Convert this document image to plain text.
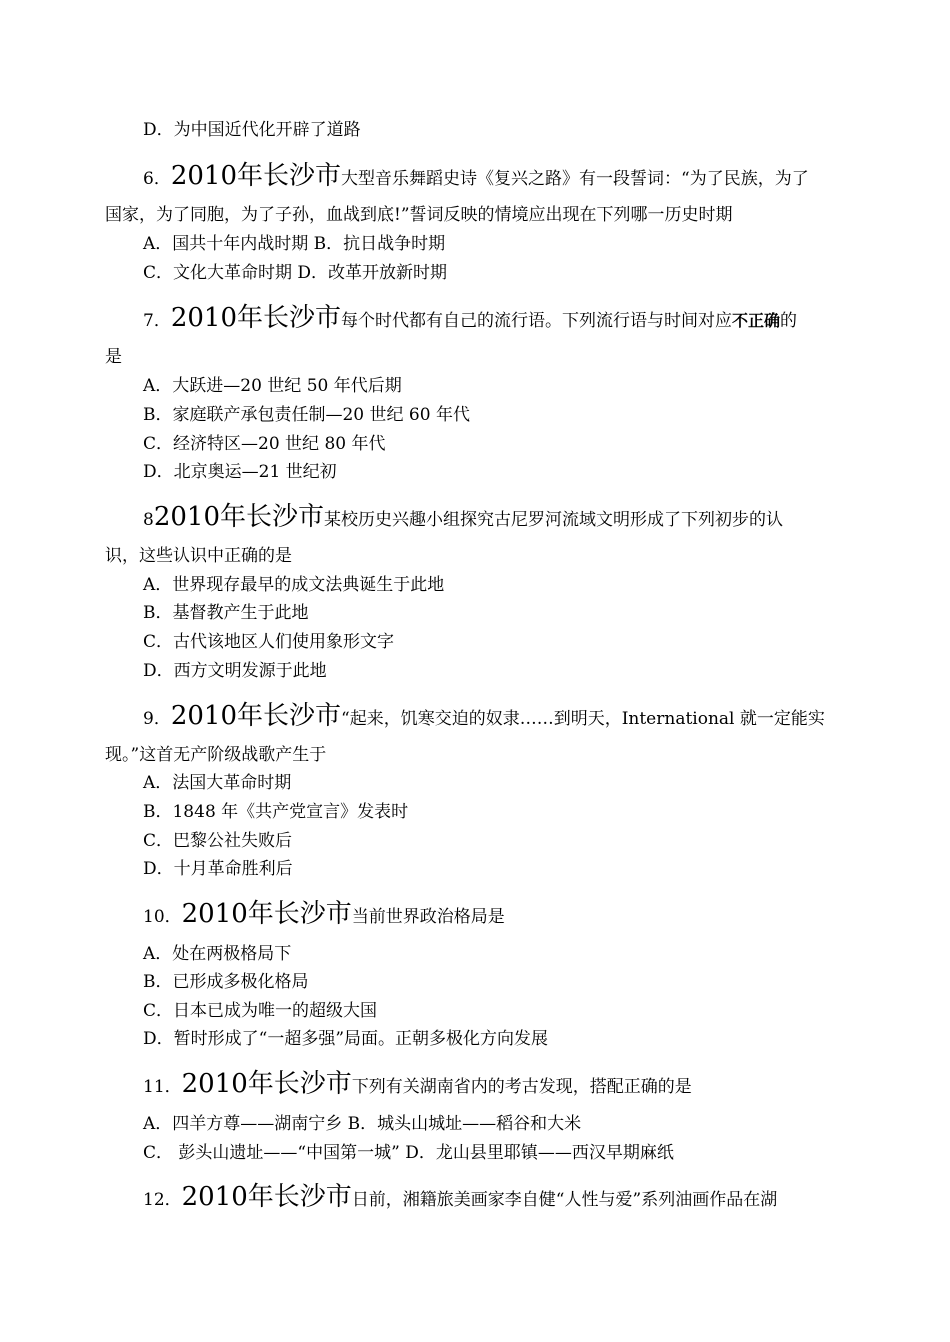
D．为中国近代化开辟了道路
6．2010年长沙市大型音乐舞蹈史诗《复兴之路》有一段誓词：“为了民族，为了
国家，为了同胞，为了子孙，血战到底!”誓词反映的情境应出现在下列哪一历史时期
A．国共十年内战时期 B．抗日战争时期
C．文化大革命时期 D．改革开放新时期
7．2010年长沙市每个时代都有自己的流行语。下列流行语与时间对应不正确的
是
A．大跃进—20 世纪 50 年代后期
B．家庭联产承包责任制—20 世纪 60 年代
C．经济特区—20 世纪 80 年代
D．北京奥运—21 世纪初
82010年长沙市某校历史兴趣小组探究古尼罗河流域文明形成了下列初步的认
识，这些认识中正确的是
A．世界现存最早的成文法典诞生于此地
B．基督教产生于此地
C．古代该地区人们使用象形文字
D．西方文明发源于此地
9．2010年长沙市“起来，饥寒交迫的奴隶……到明天，International 就一定能实
现。”这首无产阶级战歌产生于
A．法国大革命时期
B．1848 年《共产党宣言》发表时
C．巴黎公社失败后
D．十月革命胜利后
10．2010年长沙市当前世界政治格局是
A．处在两极格局下
B．已形成多极化格局
C．日本已成为唯一的超级大国
D．暂时形成了“一超多强”局面。正朝多极化方向发展
11．2010年长沙市下列有关湖南省内的考古发现，搭配正确的是
A．四羊方尊——湖南宁乡 B．城头山城址——稻谷和大米
C． 彭头山遗址——“中国第一城” D．龙山县里耶镇——西汉早期麻纸
12．2010年长沙市日前，湘籍旅美画家李自健“人性与爱”系列油画作品在湖
